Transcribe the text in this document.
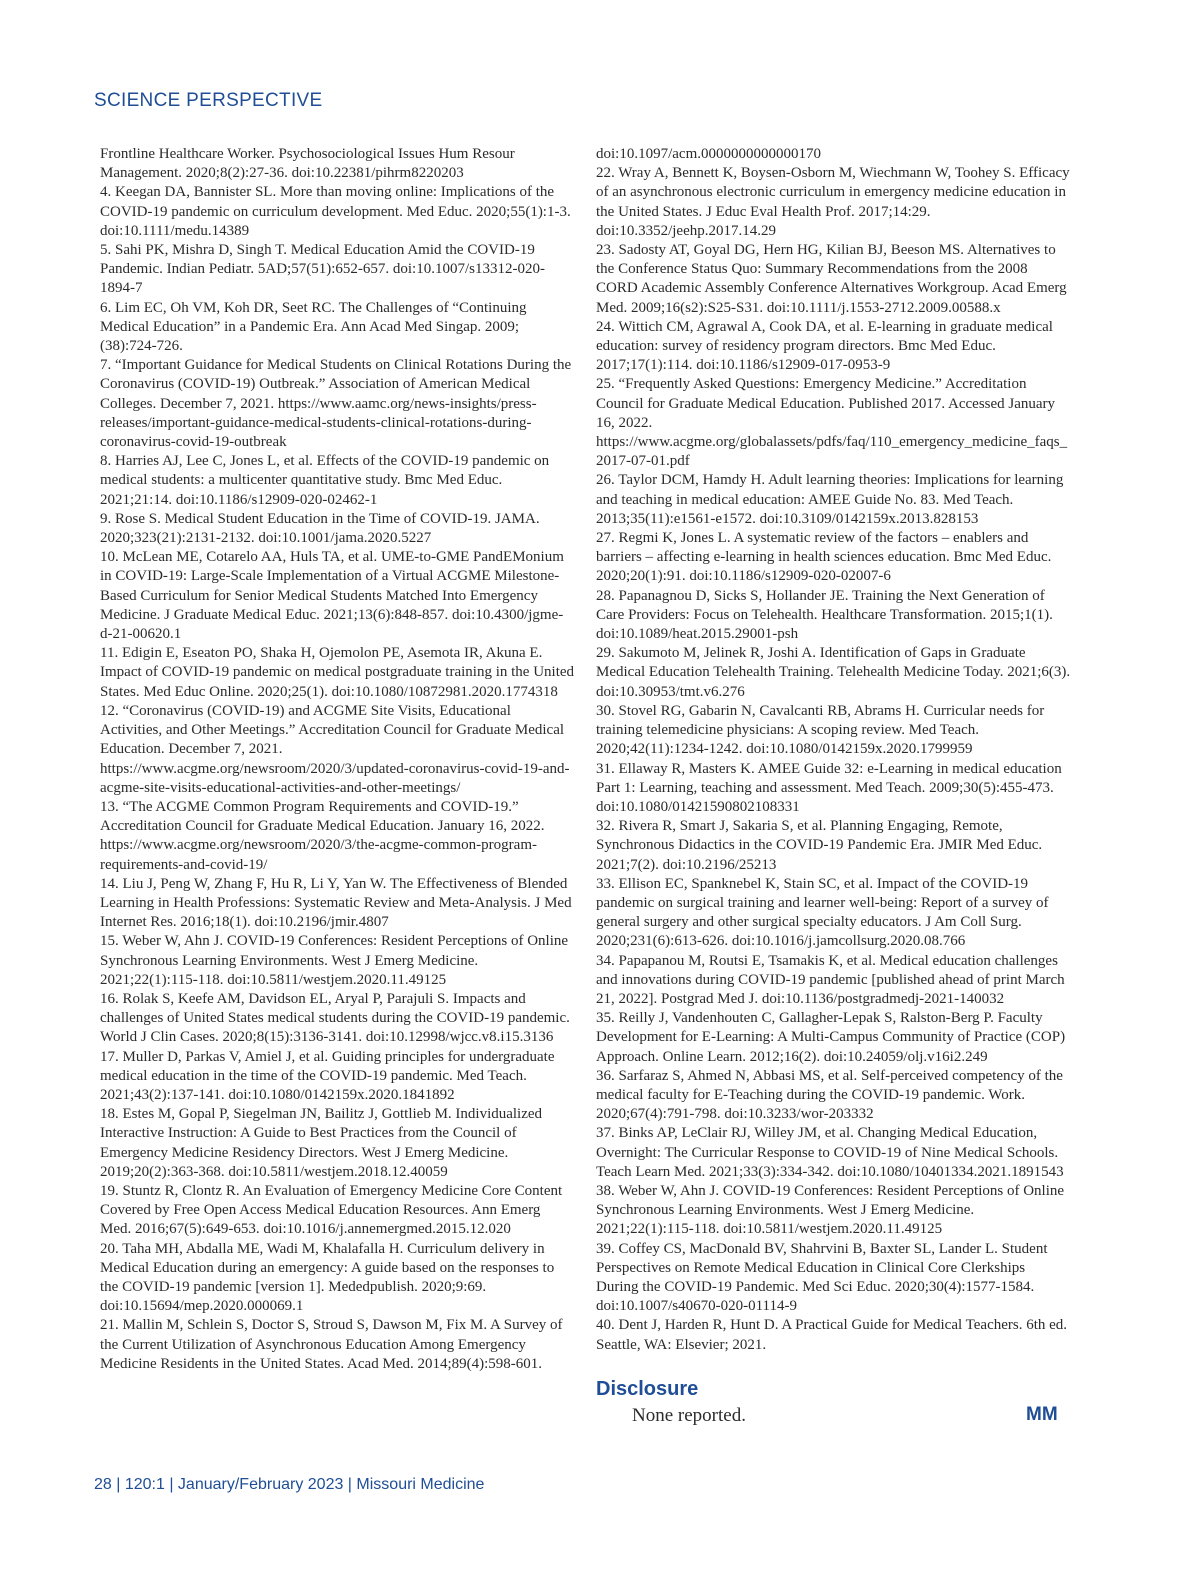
SCIENCE PERSPECTIVE

Frontline Healthcare Worker. Psychosociological Issues Hum Resour Management. 2020;8(2):27-36. doi:10.22381/pihrm8220203

4. Keegan DA, Bannister SL. More than moving online: Implications of the COVID-19 pandemic on curriculum development. Med Educ. 2020;55(1):1-3. doi:10.1111/medu.14389

5. Sahi PK, Mishra D, Singh T. Medical Education Amid the COVID-19 Pandemic. Indian Pediatr. 5AD;57(51):652-657. doi:10.1007/s13312-020-1894-7

6. Lim EC, Oh VM, Koh DR, Seet RC. The Challenges of “Continuing Medical Education” in a Pandemic Era. Ann Acad Med Singap. 2009;(38):724-726.

7. “Important Guidance for Medical Students on Clinical Rotations During the Coronavirus (COVID-19) Outbreak.” Association of American Medical Colleges. December 7, 2021. https://www.aamc.org/news-insights/press-releases/important-guidance-medical-students-clinical-rotations-during-coronavirus-covid-19-outbreak

8. Harries AJ, Lee C, Jones L, et al. Effects of the COVID-19 pandemic on medical students: a multicenter quantitative study. Bmc Med Educ. 2021;21:14. doi:10.1186/s12909-020-02462-1

9. Rose S. Medical Student Education in the Time of COVID-19. JAMA. 2020;323(21):2131-2132. doi:10.1001/jama.2020.5227

10. McLean ME, Cotarelo AA, Huls TA, et al. UME-to-GME PandEMonium in COVID-19: Large-Scale Implementation of a Virtual ACGME Milestone-Based Curriculum for Senior Medical Students Matched Into Emergency Medicine. J Graduate Medical Educ. 2021;13(6):848-857. doi:10.4300/jgme-d-21-00620.1

11. Edigin E, Eseaton PO, Shaka H, Ojemolon PE, Asemota IR, Akuna E. Impact of COVID-19 pandemic on medical postgraduate training in the United States. Med Educ Online. 2020;25(1). doi:10.1080/10872981.2020.1774318

12. “Coronavirus (COVID-19) and ACGME Site Visits, Educational Activities, and Other Meetings.” Accreditation Council for Graduate Medical Education. December 7, 2021. https://www.acgme.org/newsroom/2020/3/updated-coronavirus-covid-19-and-acgme-site-visits-educational-activities-and-other-meetings/

13. “The ACGME Common Program Requirements and COVID-19.” Accreditation Council for Graduate Medical Education. January 16, 2022. https://www.acgme.org/newsroom/2020/3/the-acgme-common-program-requirements-and-covid-19/

14. Liu J, Peng W, Zhang F, Hu R, Li Y, Yan W. The Effectiveness of Blended Learning in Health Professions: Systematic Review and Meta-Analysis. J Med Internet Res. 2016;18(1). doi:10.2196/jmir.4807

15. Weber W, Ahn J. COVID-19 Conferences: Resident Perceptions of Online Synchronous Learning Environments. West J Emerg Medicine. 2021;22(1):115-118. doi:10.5811/westjem.2020.11.49125

16. Rolak S, Keefe AM, Davidson EL, Aryal P, Parajuli S. Impacts and challenges of United States medical students during the COVID-19 pandemic. World J Clin Cases. 2020;8(15):3136-3141. doi:10.12998/wjcc.v8.i15.3136

17. Muller D, Parkas V, Amiel J, et al. Guiding principles for undergraduate medical education in the time of the COVID-19 pandemic. Med Teach. 2021;43(2):137-141. doi:10.1080/0142159x.2020.1841892

18. Estes M, Gopal P, Siegelman JN, Bailitz J, Gottlieb M. Individualized Interactive Instruction: A Guide to Best Practices from the Council of Emergency Medicine Residency Directors. West J Emerg Medicine. 2019;20(2):363-368. doi:10.5811/westjem.2018.12.40059

19. Stuntz R, Clontz R. An Evaluation of Emergency Medicine Core Content Covered by Free Open Access Medical Education Resources. Ann Emerg Med. 2016;67(5):649-653. doi:10.1016/j.annemergmed.2015.12.020

20. Taha MH, Abdalla ME, Wadi M, Khalafalla H. Curriculum delivery in Medical Education during an emergency: A guide based on the responses to the COVID-19 pandemic [version 1]. Mededpublish. 2020;9:69. doi:10.15694/mep.2020.000069.1

21. Mallin M, Schlein S, Doctor S, Stroud S, Dawson M, Fix M. A Survey of the Current Utilization of Asynchronous Education Among Emergency Medicine Residents in the United States. Acad Med. 2014;89(4):598-601.

doi:10.1097/acm.0000000000000170

22. Wray A, Bennett K, Boysen-Osborn M, Wiechmann W, Toohey S. Efficacy of an asynchronous electronic curriculum in emergency medicine education in the United States. J Educ Eval Health Prof. 2017;14:29. doi:10.3352/jeehp.2017.14.29

23. Sadosty AT, Goyal DG, Hern HG, Kilian BJ, Beeson MS. Alternatives to the Conference Status Quo: Summary Recommendations from the 2008 CORD Academic Assembly Conference Alternatives Workgroup. Acad Emerg Med. 2009;16(s2):S25-S31. doi:10.1111/j.1553-2712.2009.00588.x

24. Wittich CM, Agrawal A, Cook DA, et al. E-learning in graduate medical education: survey of residency program directors. Bmc Med Educ. 2017;17(1):114. doi:10.1186/s12909-017-0953-9

25. “Frequently Asked Questions: Emergency Medicine.” Accreditation Council for Graduate Medical Education. Published 2017. Accessed January 16, 2022. https://www.acgme.org/globalassets/pdfs/faq/110_emergency_medicine_faqs_2017-07-01.pdf

26. Taylor DCM, Hamdy H. Adult learning theories: Implications for learning and teaching in medical education: AMEE Guide No. 83. Med Teach. 2013;35(11):e1561-e1572. doi:10.3109/0142159x.2013.828153

27. Regmi K, Jones L. A systematic review of the factors – enablers and barriers – affecting e-learning in health sciences education. Bmc Med Educ. 2020;20(1):91. doi:10.1186/s12909-020-02007-6

28. Papanagnou D, Sicks S, Hollander JE. Training the Next Generation of Care Providers: Focus on Telehealth. Healthcare Transformation. 2015;1(1). doi:10.1089/heat.2015.29001-psh

29. Sakumoto M, Jelinek R, Joshi A. Identification of Gaps in Graduate Medical Education Telehealth Training. Telehealth Medicine Today. 2021;6(3). doi:10.30953/tmt.v6.276

30. Stovel RG, Gabarin N, Cavalcanti RB, Abrams H. Curricular needs for training telemedicine physicians: A scoping review. Med Teach. 2020;42(11):1234-1242. doi:10.1080/0142159x.2020.1799959

31. Ellaway R, Masters K. AMEE Guide 32: e-Learning in medical education Part 1: Learning, teaching and assessment. Med Teach. 2009;30(5):455-473. doi:10.1080/01421590802108331

32. Rivera R, Smart J, Sakaria S, et al. Planning Engaging, Remote, Synchronous Didactics in the COVID-19 Pandemic Era. JMIR Med Educ. 2021;7(2). doi:10.2196/25213

33. Ellison EC, Spanknebel K, Stain SC, et al. Impact of the COVID-19 pandemic on surgical training and learner well-being: Report of a survey of general surgery and other surgical specialty educators. J Am Coll Surg. 2020;231(6):613-626. doi:10.1016/j.jamcollsurg.2020.08.766

34. Papapanou M, Routsi E, Tsamakis K, et al. Medical education challenges and innovations during COVID-19 pandemic [published ahead of print March 21, 2022]. Postgrad Med J. doi:10.1136/postgradmedj-2021-140032

35. Reilly J, Vandenhouten C, Gallagher-Lepak S, Ralston-Berg P. Faculty Development for E-Learning: A Multi-Campus Community of Practice (COP) Approach. Online Learn. 2012;16(2). doi:10.24059/olj.v16i2.249

36. Sarfaraz S, Ahmed N, Abbasi MS, et al. Self-perceived competency of the medical faculty for E-Teaching during the COVID-19 pandemic. Work. 2020;67(4):791-798. doi:10.3233/wor-203332

37. Binks AP, LeClair RJ, Willey JM, et al. Changing Medical Education, Overnight: The Curricular Response to COVID-19 of Nine Medical Schools. Teach Learn Med. 2021;33(3):334-342. doi:10.1080/10401334.2021.1891543

38. Weber W, Ahn J. COVID-19 Conferences: Resident Perceptions of Online Synchronous Learning Environments. West J Emerg Medicine. 2021;22(1):115-118. doi:10.5811/westjem.2020.11.49125

39. Coffey CS, MacDonald BV, Shahrvini B, Baxter SL, Lander L. Student Perspectives on Remote Medical Education in Clinical Core Clerkships During the COVID-19 Pandemic. Med Sci Educ. 2020;30(4):1577-1584. doi:10.1007/s40670-020-01114-9

40. Dent J, Harden R, Hunt D. A Practical Guide for Medical Teachers. 6th ed. Seattle, WA: Elsevier; 2021.

Disclosure

None reported.	MM
28 | 120:1 | January/February 2023 | Missouri Medicine
